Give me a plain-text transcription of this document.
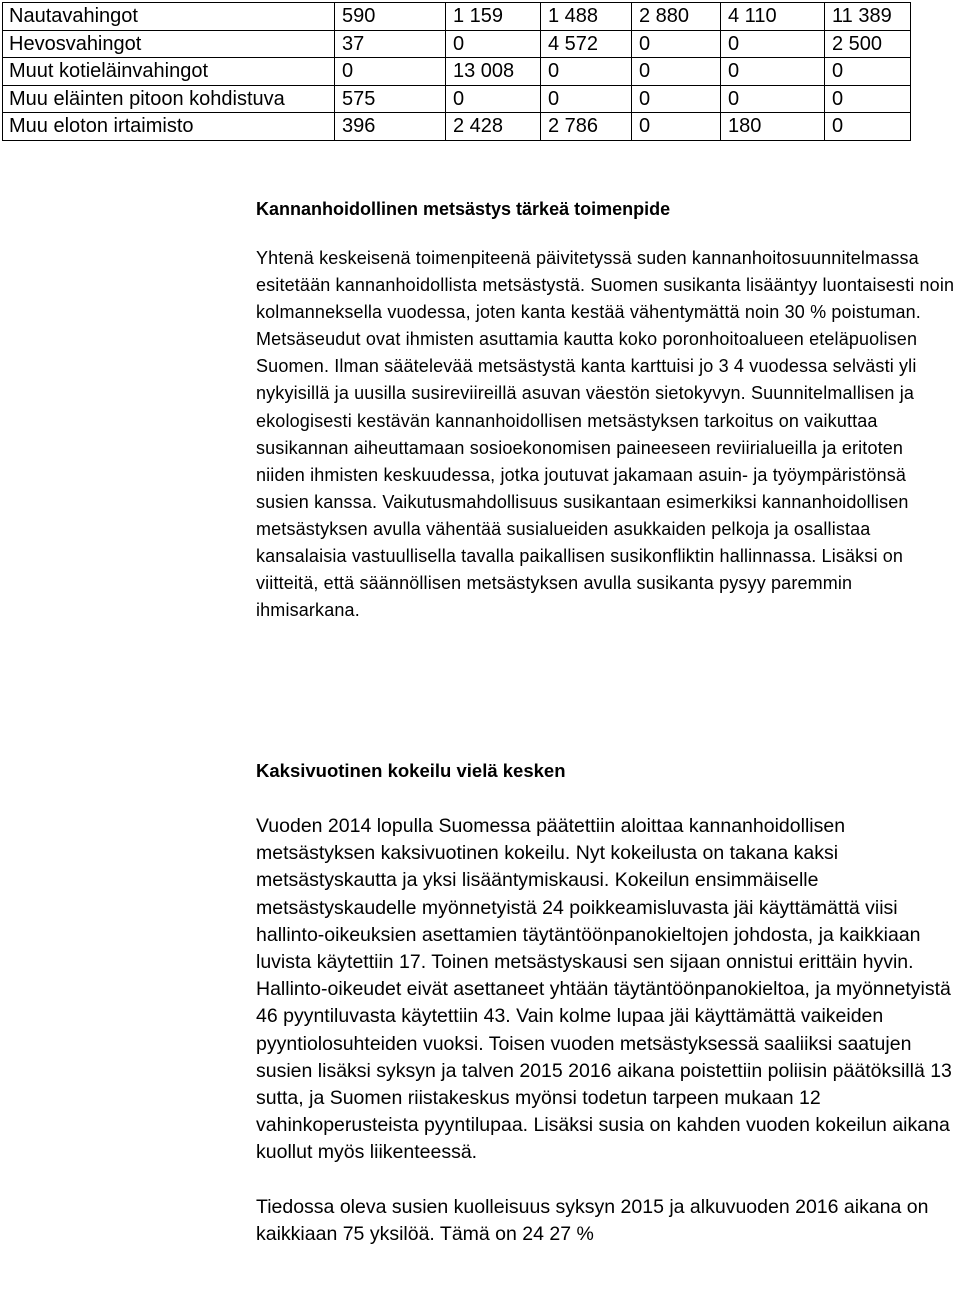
Nautavahingot	590	1 159	1 488	2 880	4 110	11 389
Hevosvahingot	37	0	4 572	0	0	2 500
Muut kotieläinvahingot	0	13 008	0	0	0	0
Muu eläinten pitoon kohdistuva	575	0	0	0	0	0
Muu eloton irtaimisto	396	2 428	2 786	0	180	0

Kannanhoidollinen metsästys tärkeä toimenpide

Yhtenä keskeisenä toimenpiteenä päivitetyssä suden kannanhoitosuunnitelmassa esitetään kannanhoidollista metsästystä. Suomen susikanta lisääntyy luontaisesti noin kolmanneksella vuodessa, joten kanta kestää vähentymättä noin 30 % poistuman. Metsäseudut ovat ihmisten asuttamia kautta koko poronhoitoalueen eteläpuolisen Suomen. Ilman säätelevää metsästystä kanta karttuisi jo 3 4 vuodessa selvästi yli nykyisillä ja uusilla susireviireillä asuvan väestön sietokyvyn. Suunnitelmallisen ja ekologisesti kestävän kannanhoidollisen metsästyksen tarkoitus on vaikuttaa susikannan aiheuttamaan sosioekonomisen paineeseen reviirialueilla ja eritoten niiden ihmisten keskuudessa, jotka joutuvat jakamaan asuin- ja työympäristönsä susien kanssa. Vaikutusmahdollisuus susikantaan esimerkiksi kannanhoidollisen metsästyksen avulla vähentää susialueiden asukkaiden pelkoja ja osallistaa kansalaisia vastuullisella tavalla paikallisen susikonfliktin hallinnassa. Lisäksi on viitteitä, että säännöllisen metsästyksen avulla susikanta pysyy paremmin ihmisarkana.

Kaksivuotinen kokeilu vielä kesken

Vuoden 2014 lopulla Suomessa päätettiin aloittaa kannanhoidollisen metsästyksen kaksivuotinen kokeilu. Nyt kokeilusta on takana kaksi metsästyskautta ja yksi lisääntymiskausi. Kokeilun ensimmäiselle metsästyskaudelle myönnetyistä 24 poikkeamisluvasta jäi käyttämättä viisi hallinto-oikeuksien asettamien täytäntöönpanokieltojen johdosta, ja kaikkiaan luvista käytettiin 17. Toinen metsästyskausi sen sijaan onnistui erittäin hyvin. Hallinto-oikeudet eivät asettaneet yhtään täytäntöönpanokieltoa, ja myönnetyistä 46 pyyntiluvasta käytettiin 43. Vain kolme lupaa jäi käyttämättä vaikeiden pyyntiolosuhteiden vuoksi. Toisen vuoden metsästyksessä saaliiksi saatujen susien lisäksi syksyn ja talven 2015 2016 aikana poistettiin poliisin päätöksillä 13 sutta, ja Suomen riistakeskus myönsi todetun tarpeen mukaan 12 vahinkoperusteista pyyntilupaa. Lisäksi susia on kahden vuoden kokeilun aikana kuollut myös liikenteessä.

Tiedossa oleva susien kuolleisuus syksyn 2015 ja alkuvuoden 2016 aikana on kaikkiaan 75 yksilöä. Tämä on 24 27 %
